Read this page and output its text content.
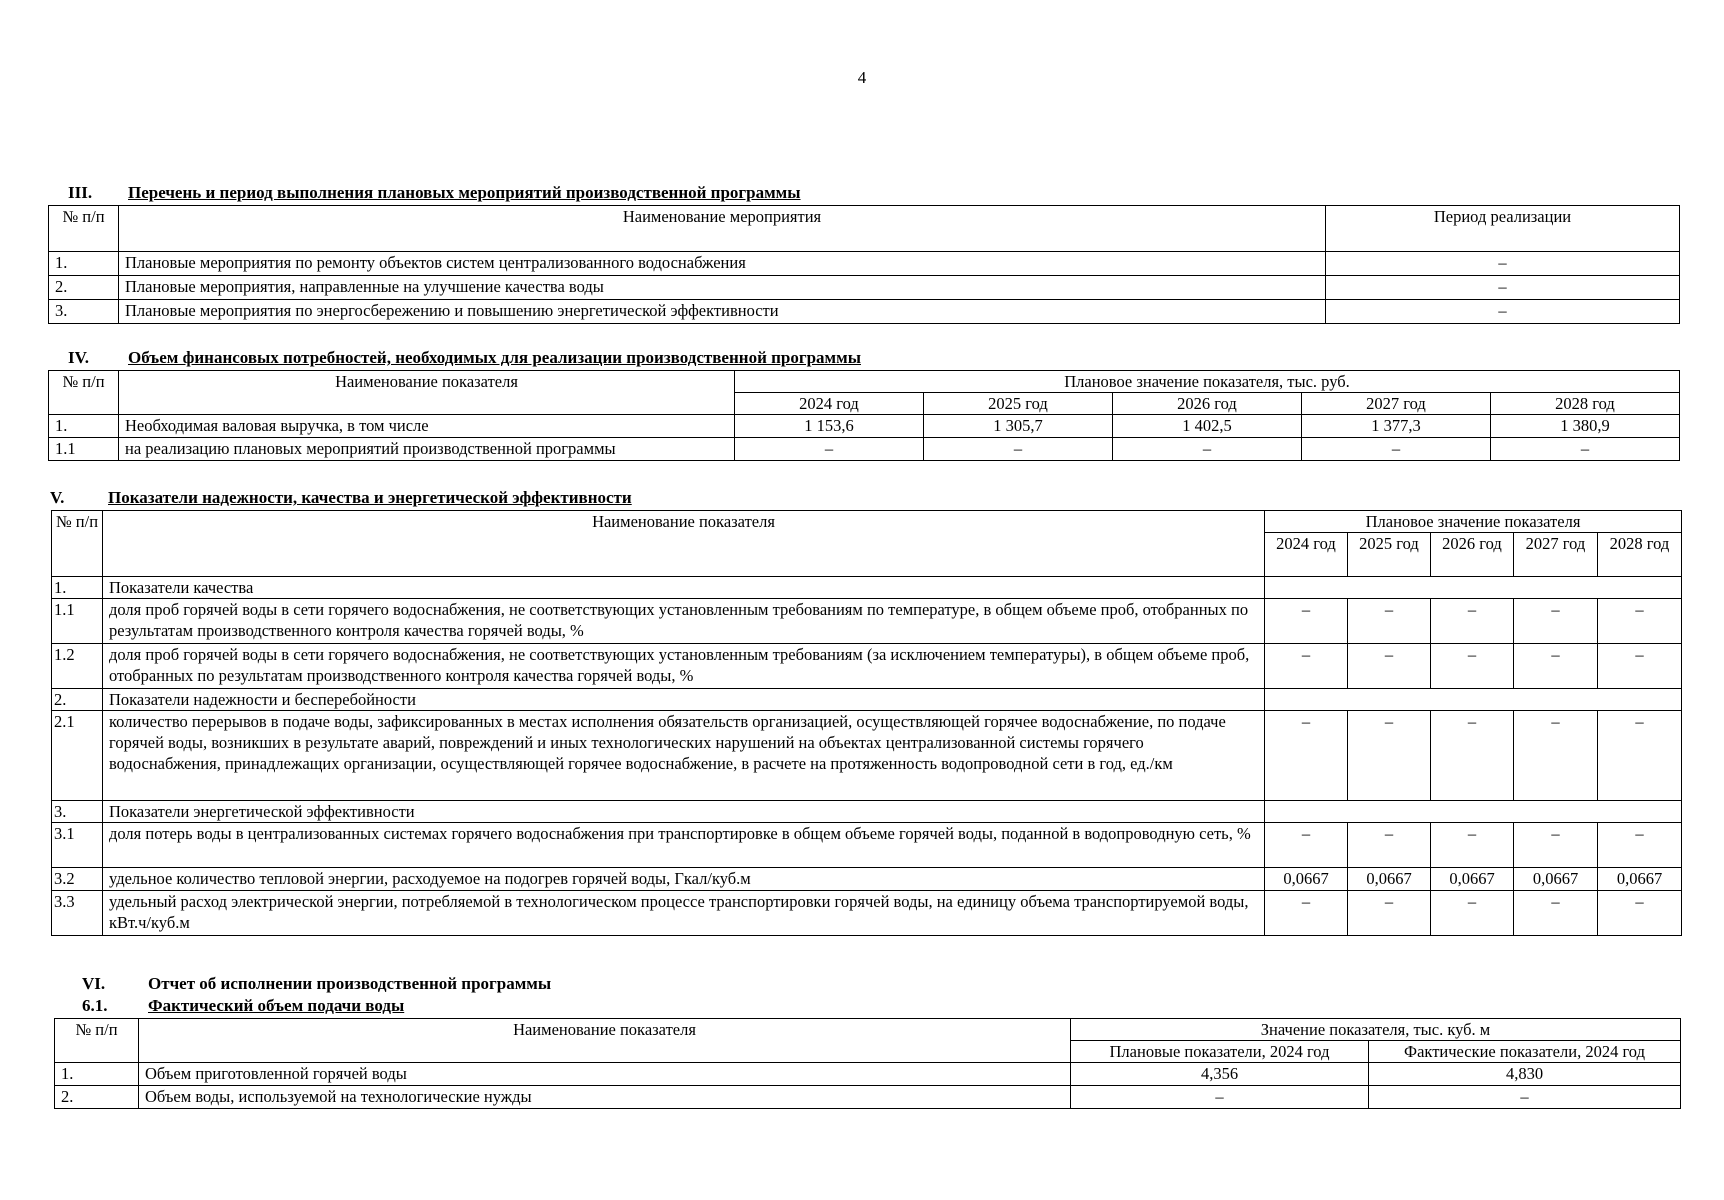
4
III. Перечень и период выполнения плановых мероприятий производственной программы
№ п/п	Наименование мероприятия	Период реализации
1.	Плановые мероприятия по ремонту объектов систем централизованного водоснабжения	–
2.	Плановые мероприятия, направленные на улучшение качества воды	–
3.	Плановые мероприятия по энергосбережению и повышению энергетической эффективности	–
IV. Объем финансовых потребностей, необходимых для реализации производственной программы
№ п/п	Наименование показателя	Плановое значение показателя, тыс. руб.				
		2024 год	2025 год	2026 год	2027 год	2028 год
1.	Необходимая валовая выручка, в том числе	1 153,6	1 305,7	1 402,5	1 377,3	1 380,9
1.1	на реализацию плановых мероприятий производственной программы	–	–	–	–	–
V.	Показатели надежности, качества и энергетической эффективности
№ п/п	Наименование показателя	Плановое значение показателя				
		2024 год	2025 год	2026 год	2027 год	2028 год
1.	Показатели качества					
1.1	доля проб горячей воды в сети горячего водоснабжения, не соответствующих установленным требованиям по температуре, в общем объеме проб, отобранных по результатам производственного контроля качества горячей воды, %	–	–	–	–	–
1.2	доля проб горячей воды в сети горячего водоснабжения, не соответствующих установленным требованиям (за исключением температуры), в общем объеме проб, отобранных по результатам производственного контроля качества горячей воды, %	–	–	–	–	–
2.	Показатели надежности и бесперебойности					
2.1	количество перерывов в подаче воды, зафиксированных в местах исполнения обязательств организацией, осуществляющей горячее водоснабжение, по подаче горячей воды, возникших в результате аварий, повреждений и иных технологических нарушений на объектах централизованной системы горячего водоснабжения, принадлежащих организации, осуществляющей горячее водоснабжение, в расчете на протяженность водопроводной сети в год, ед./км	–	–	–	–	–
3.	Показатели энергетической эффективности					
3.1	доля потерь воды в централизованных системах горячего водоснабжения при транспортировке в общем объеме горячей воды, поданной в водопроводную сеть, %	–	–	–	–	–
3.2	удельное количество тепловой энергии, расходуемое на подогрев горячей воды, Гкал/куб.м	0,0667	0,0667	0,0667	0,0667	0,0667
3.3	удельный расход электрической энергии, потребляемой в технологическом процессе транспортировки горячей воды, на единицу объема транспортируемой воды, кВт.ч/куб.м	–	–	–	–	–
VI.	Отчет об исполнении производственной программы
6.1. Фактический объем подачи воды
№ п/п	Наименование показателя	Значение показателя, тыс. куб. м	
		Плановые показатели, 2024 год	Фактические показатели, 2024 год
1.	Объем приготовленной горячей воды	4,356	4,830
2.	Объем воды, используемой на технологические нужды	–	–
